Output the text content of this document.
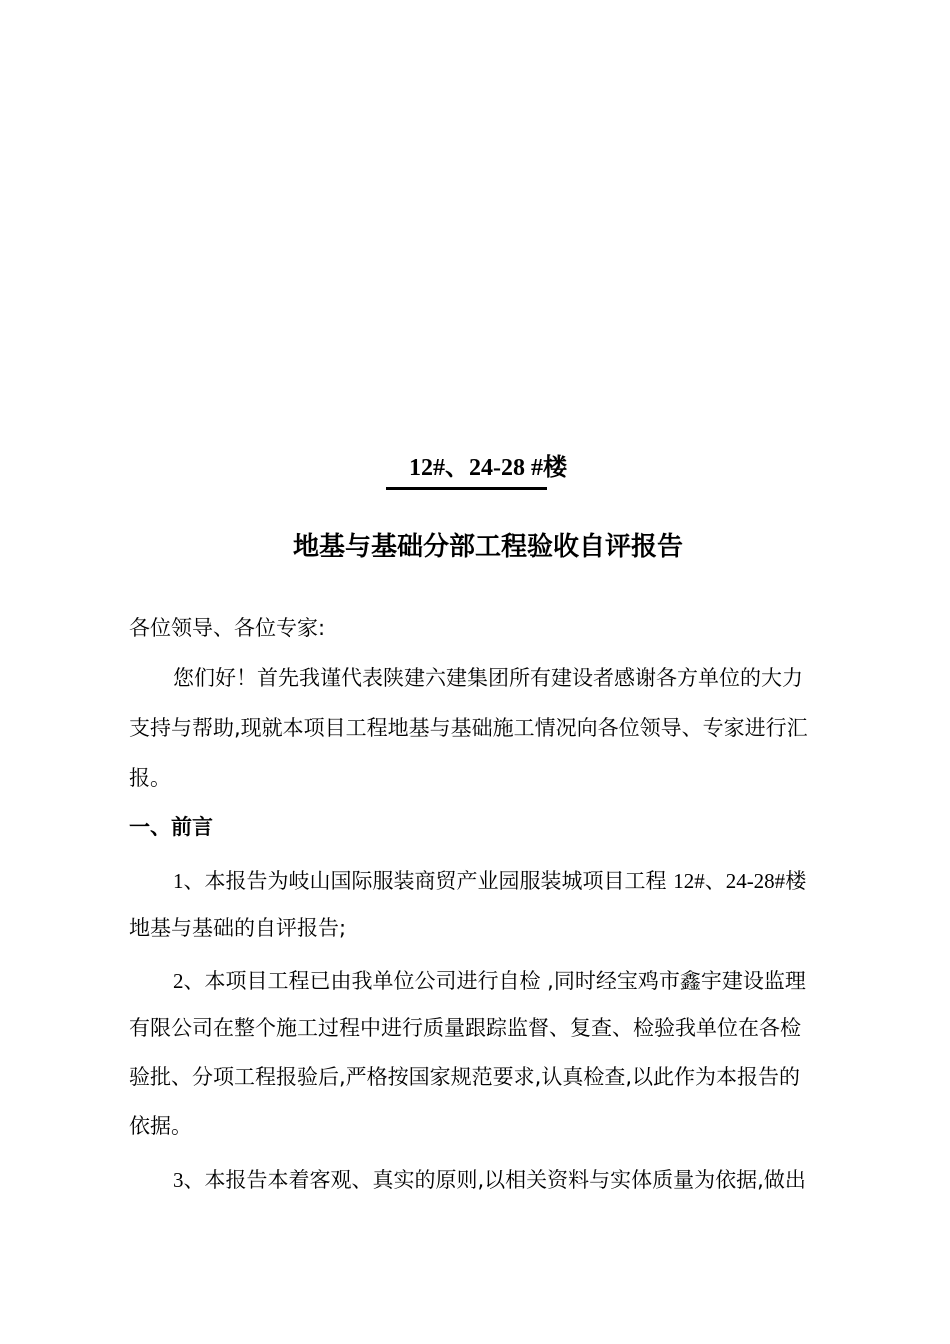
12#、24-28 #楼
地基与基础分部工程验收自评报告
各位领导、各位专家:
您们好！首先我谨代表陕建六建集团所有建设者感谢各方单位的大力
支持与帮助,现就本项目工程地基与基础施工情况向各位领导、专家进行汇
报。
一、前言
1、本报告为岐山国际服装商贸产业园服装城项目工程 12#、24-28#楼
地基与基础的自评报告;
2、本项目工程已由我单位公司进行自检 ,同时经宝鸡市鑫宇建设监理
有限公司在整个施工过程中进行质量跟踪监督、复查、检验我单位在各检
验批、分项工程报验后,严格按国家规范要求,认真检查,以此作为本报告的
依据。
3、本报告本着客观、真实的原则,以相关资料与实体质量为依据,做出
